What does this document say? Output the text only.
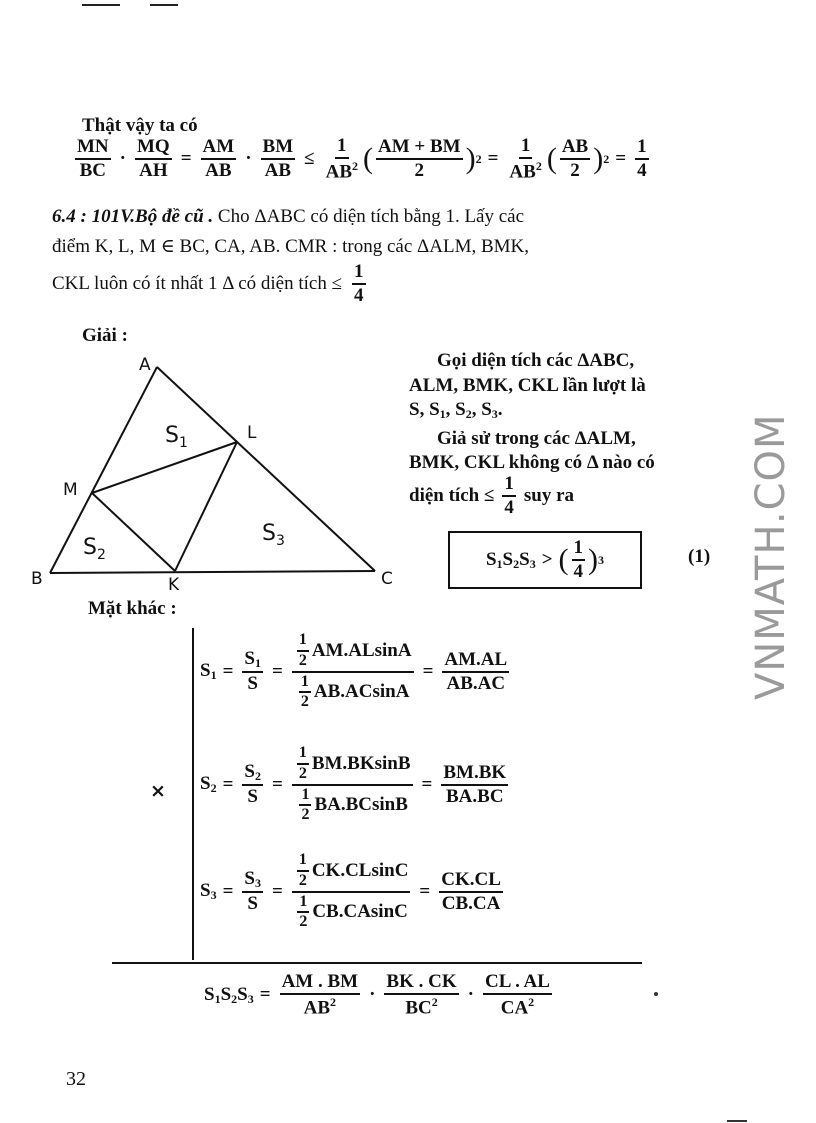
Thật vậy ta có
$\frac{MN}{BC} \cdot \frac{MQ}{AH} = \frac{AM}{AB} \cdot \frac{BM}{AB} \le \frac{1}{AB^2}$ ( $\frac{AM + BM}{2}$ ) $2 = \frac{1}{AB^2}$ ( $\frac{AB}{2}$ ) $2 = \frac{1}{4}$
6.4 : 101V.Bộ đề cũ . Cho ΔABC có diện tích bằng 1. Lấy các
điểm K, L, M ∈ BC, CA, AB. CMR : trong các ΔALM, BMK,
CKL luôn có ít nhất 1 Δ có diện tích ≤ $\frac{1}{4}$
Giải :
A
B	C
K
L
M
$S_1$
$S_2$
$S_3$
Gọi diện tích các ΔABC,
ALM, BMK, CKL lần lượt là
S, $S_1$, $S_2$, $S_3$.
Giả sử trong các ΔALM,
BMK, CKL không có Δ nào có
diện tích ≤ $\frac{1}{4}$ suy ra
$S_1S_2S_3$ > ( $\frac{1}{4}$ ) 3	(1)
Mặt khác :
×
$S_1 = \frac{S_1}{S} = \frac{\frac{1}{2} AM.ALsinA}{\frac{1}{2} AB.ACsinA} = \frac{AM.AL}{AB.AC}$
$S_2 = \frac{S_2}{S} = \frac{\frac{1}{2} BM.BKsinB}{\frac{1}{2} BA.BCsinB} = \frac{BM.BK}{BA.BC}$
$S_3 = \frac{S_3}{S} = \frac{\frac{1}{2} CK.CLsinC}{\frac{1}{2} CB.CAsinC} = \frac{CK.CL}{CB.CA}$
$S_1S_2S_3 = \frac{AM . BM}{AB^2} \cdot \frac{BK . CK}{BC^2} \cdot \frac{CL . AL}{CA^2}$
VNMATH.COM
32
